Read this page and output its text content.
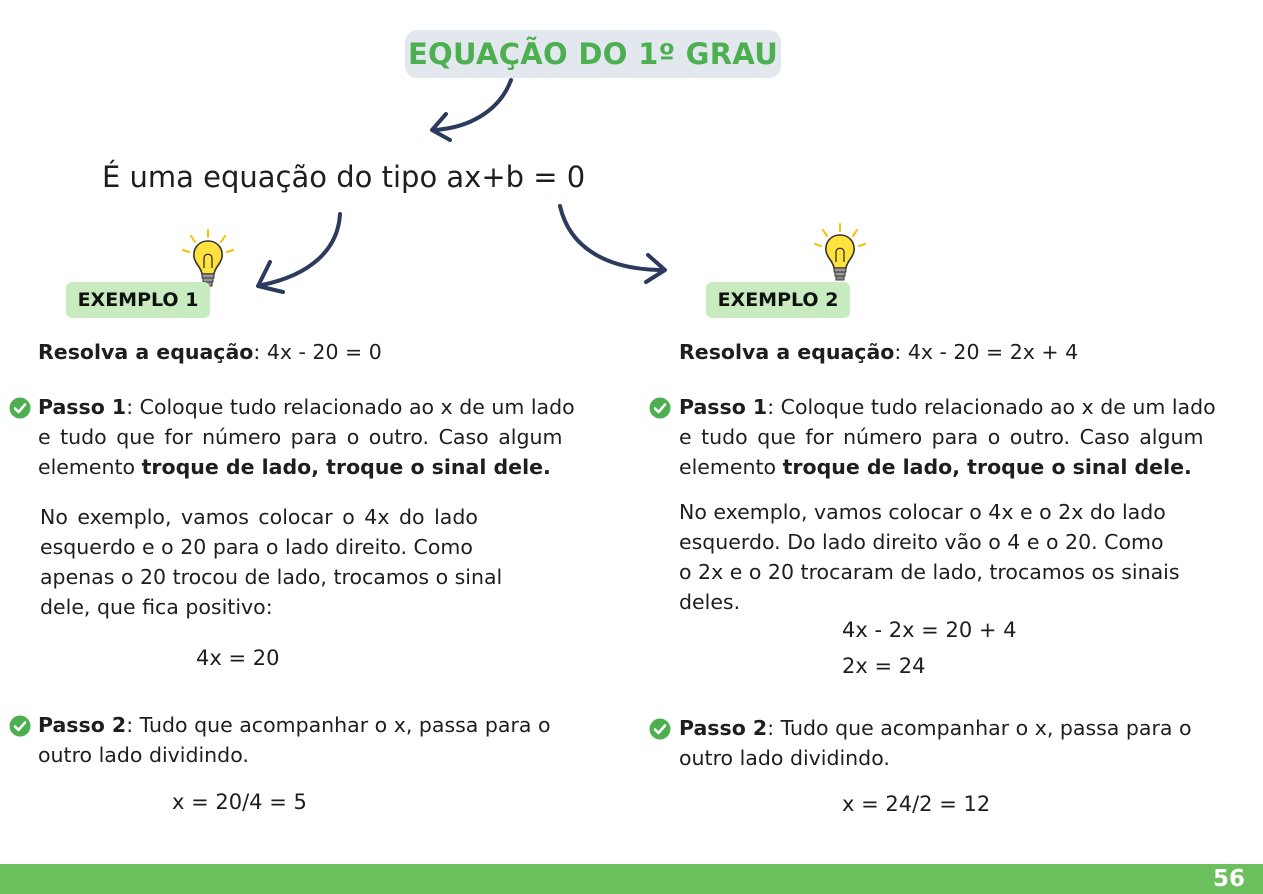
EQUAÇÃO DO 1º GRAU
É uma equação do tipo ax+b = 0
EXEMPLO 1	EXEMPLO 2
Resolva a equação: 4x - 20 = 0
Passo 1: Coloque tudo relacionado ao x de um lado
e tudo que for número para o outro. Caso algum
elemento troque de lado, troque o sinal dele.
No exemplo, vamos colocar o 4x do lado
esquerdo e o 20 para o lado direito. Como
apenas o 20 trocou de lado, trocamos o sinal
dele, que fica positivo:
4x = 20
Passo 2: Tudo que acompanhar o x, passa para o
outro lado dividindo.
x = 20/4 = 5
Resolva a equação: 4x - 20 = 2x + 4
Passo 1: Coloque tudo relacionado ao x de um lado
e tudo que for número para o outro. Caso algum
elemento troque de lado, troque o sinal dele.
No exemplo, vamos colocar o 4x e o 2x do lado
esquerdo. Do lado direito vão o 4 e o 20. Como
o 2x e o 20 trocaram de lado, trocamos os sinais
deles.
4x - 2x = 20 + 4
2x = 24
Passo 2: Tudo que acompanhar o x, passa para o
outro lado dividindo.
x = 24/2 = 12
56
